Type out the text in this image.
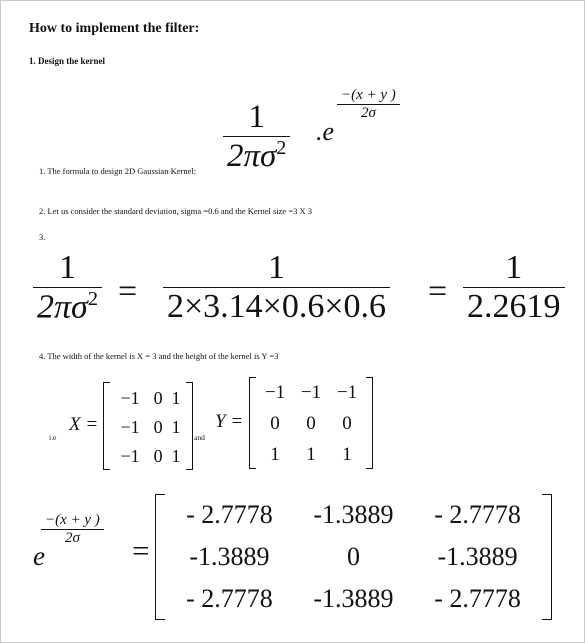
How to implement the filter:
1. Design the kernel
$\frac{1}{2\pi\sigma^2} .e$
$\frac{-(x + y )}{2\sigma}$
1. The formula to design 2D Gaussian Kernel:
2. Let us consider the standard deviation, sigma =0.6 and the Kernel size =3 X 3
3.
$\frac{1}{2\pi\sigma^2} = \frac{1}{2\times 3.14\times 0.6\times 0.6} = \frac{1}{2.2619}$
4. The width of the kernel is X = 3 and the height of the kernel is Y =3
i.e
X =
−1	0	1
−1	0	1
−1	0	1
and
Y =
−1	−1	−1
0	0	0
1	1	1
e
$\frac{-(x + y )}{2\sigma}$
=
- 2.7778	-1.3889	- 2.7778
-1.3889	0	-1.3889
- 2.7778	-1.3889	- 2.7778
